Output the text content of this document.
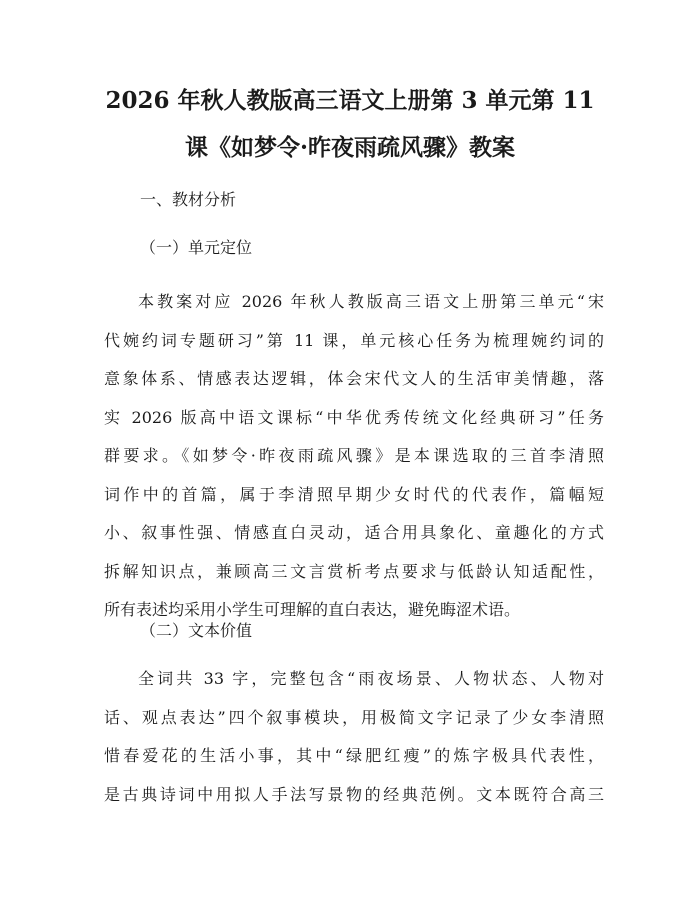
2026 年秋人教版高三语文上册第 3 单元第 11
课《如梦令·昨夜雨疏风骤》教案
一、教材分析
（一）单元定位
本教案对应 2026 年秋人教版高三语文上册第三单元“宋
代婉约词专题研习”第 11 课，单元核心任务为梳理婉约词的
意象体系、情感表达逻辑，体会宋代文人的生活审美情趣，落
实 2026 版高中语文课标“中华优秀传统文化经典研习”任务
群要求。《如梦令·昨夜雨疏风骤》是本课选取的三首李清照
词作中的首篇，属于李清照早期少女时代的代表作，篇幅短
小、叙事性强、情感直白灵动，适合用具象化、童趣化的方式
拆解知识点，兼顾高三文言赏析考点要求与低龄认知适配性，
所有表述均采用小学生可理解的直白表达，避免晦涩术语。
（二）文本价值
全词共 33 字，完整包含“雨夜场景、人物状态、人物对
话、观点表达”四个叙事模块，用极简文字记录了少女李清照
惜春爱花的生活小事，其中“绿肥红瘦”的炼字极具代表性，
是古典诗词中用拟人手法写景物的经典范例。文本既符合高三
